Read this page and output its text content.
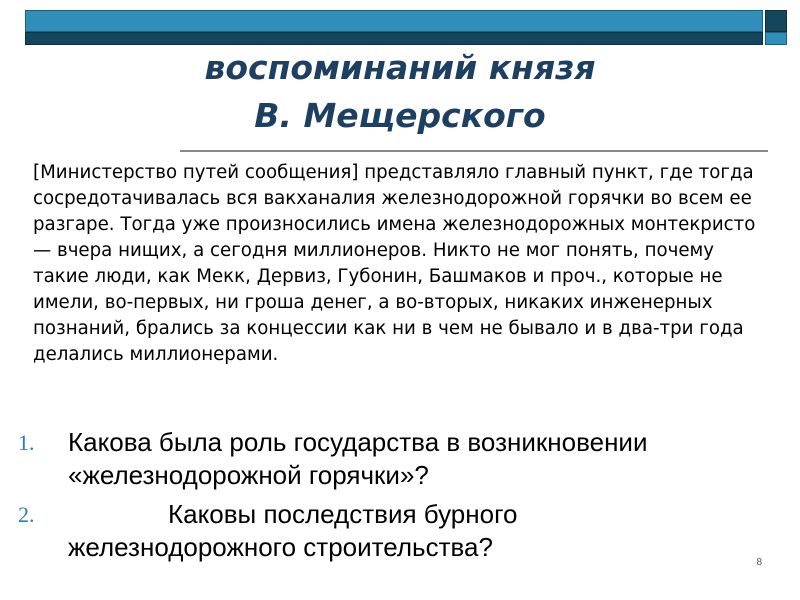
воспоминаний князя
В. Мещерского

[Министерство путей сообщения] представляло главный пункт, где тогда сосредотачивалась вся вакханалия железнодорожной горячки во всем ее разгаре. Тогда уже произносились имена железнодорожных монтекристо — вчера нищих, а сегодня миллионеров. Никто не мог понять, почему такие люди, как Мекк, Дервиз, Губонин, Башмаков и проч., которые не имели, во-первых, ни гроша денег, а во-вторых, никаких инженерных познаний, брались за концессии как ни в чем не бывало и в два-три года делались миллионерами.

1. Какова была роль государства в возникновении
«железнодорожной горячки»?
2.	Каковы последствия бурного
железнодорожного строительства?
8
